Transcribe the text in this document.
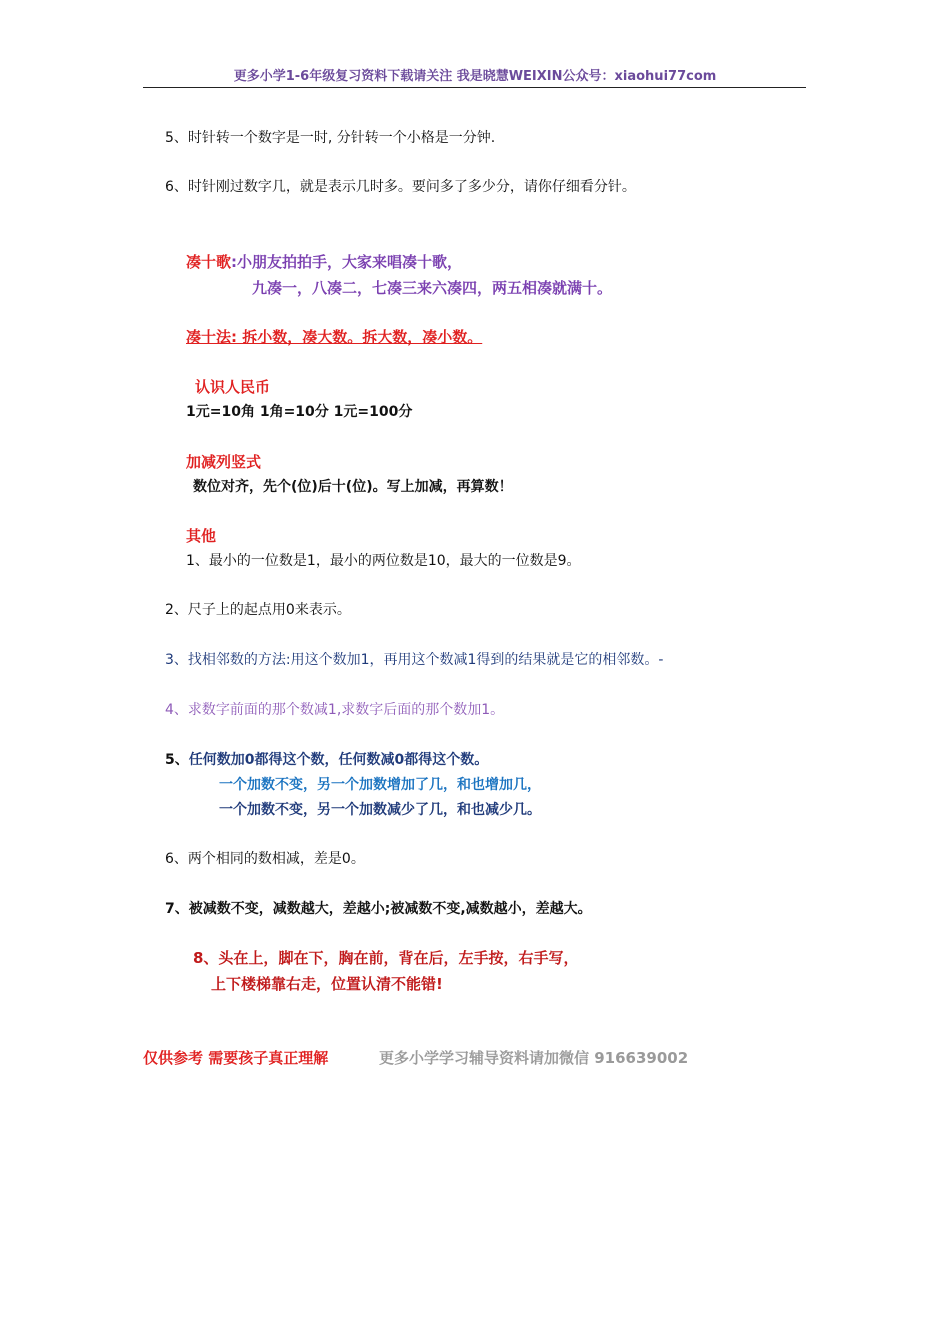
更多小学1-6年级复习资料下载请关注 我是晓慧WEIXIN公众号：xiaohui77com
5、时针转一个数字是一时, 分针转一个小格是一分钟.
6、时针刚过数字几，就是表示几时多。要问多了多少分，请你仔细看分针。
凑十歌:小朋友拍拍手，大家来唱凑十歌，
九凑一，八凑二，七凑三来六凑四，两五相凑就满十。
凑十法: 拆小数，凑大数。拆大数，凑小数。
认识人民币
1元=10角 1角=10分 1元=100分
加减列竖式
数位对齐，先个(位)后十(位)。写上加减，再算数！
其他
1、最小的一位数是1，最小的两位数是10，最大的一位数是9。
2、尺子上的起点用0来表示。
3、找相邻数的方法:用这个数加1，再用这个数减1得到的结果就是它的相邻数。-
4、求数字前面的那个数减1,求数字后面的那个数加1。
5、任何数加0都得这个数，任何数减0都得这个数。
一个加数不变，另一个加数增加了几，和也增加几，
一个加数不变，另一个加数减少了几，和也减少几。
6、两个相同的数相减，差是0。
7、被减数不变，减数越大，差越小;被减数不变,减数越小，差越大。
8、头在上，脚在下，胸在前，背在后，左手按，右手写，
上下楼梯靠右走，位置认清不能错!
仅供参考 需要孩子真正理解	更多小学学习辅导资料请加微信 916639002
